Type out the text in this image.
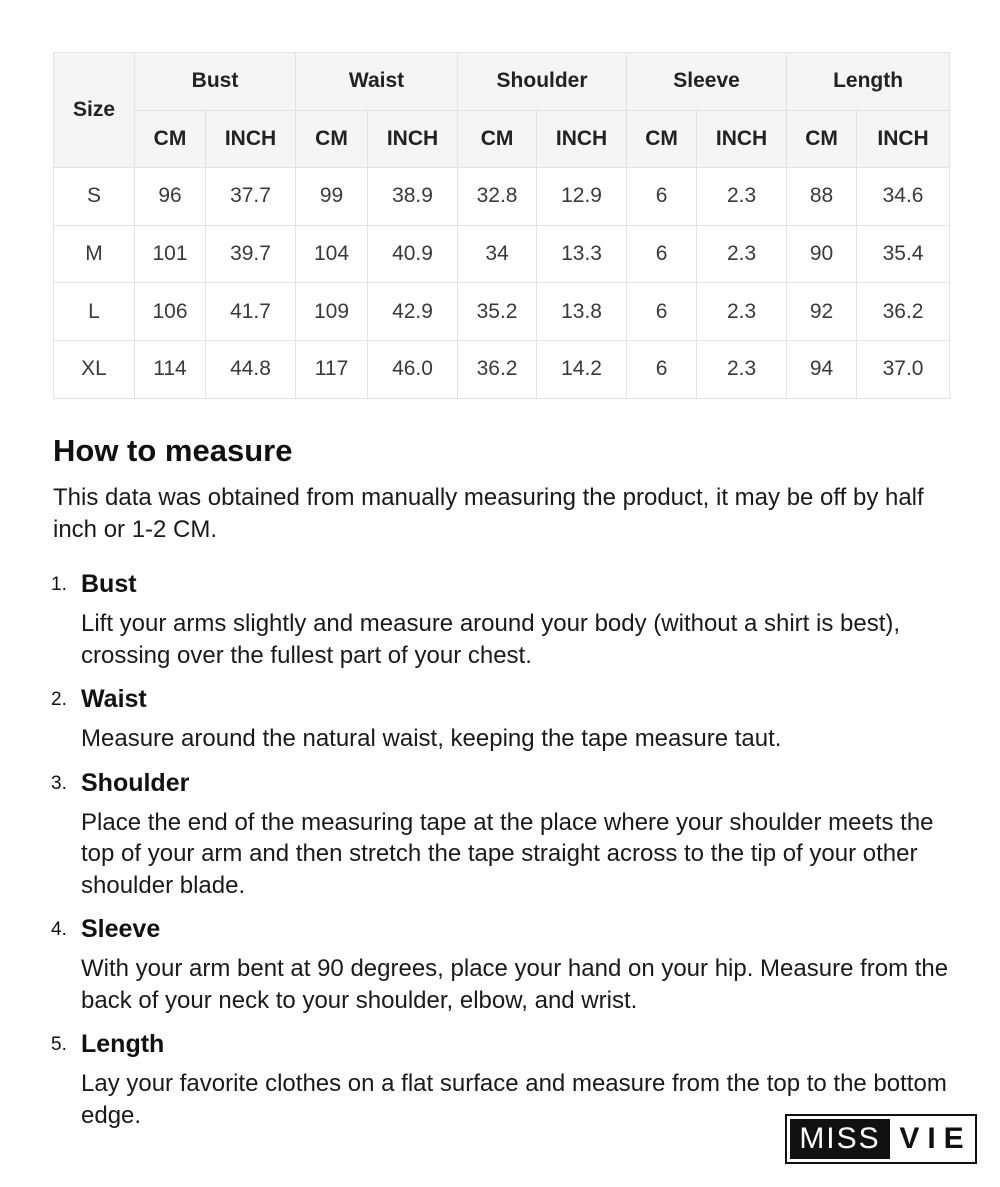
Size	Bust		Waist		Shoulder		Sleeve		Length	
	CM	INCH	CM	INCH	CM	INCH	CM	INCH	CM	INCH
S	96	37.7	99	38.9	32.8	12.9	6	2.3	88	34.6
M	101	39.7	104	40.9	34	13.3	6	2.3	90	35.4
L	106	41.7	109	42.9	35.2	13.8	6	2.3	92	36.2
XL	114	44.8	117	46.0	36.2	14.2	6	2.3	94	37.0
How to measure

This data was obtained from manually measuring the product, it may be off by half inch or 1-2 CM.

1. Bust
Lift your arms slightly and measure around your body (without a shirt is best), crossing over the fullest part of your chest.
2. Waist
Measure around the natural waist, keeping the tape measure taut.
3. Shoulder
Place the end of the measuring tape at the place where your shoulder meets the top of your arm and then stretch the tape straight across to the tip of your other shoulder blade.
4. Sleeve
With your arm bent at 90 degrees, place your hand on your hip. Measure from the back of your neck to your shoulder, elbow, and wrist.
5. Length
Lay your favorite clothes on a flat surface and measure from the top to the bottom edge.
MISS VIE
